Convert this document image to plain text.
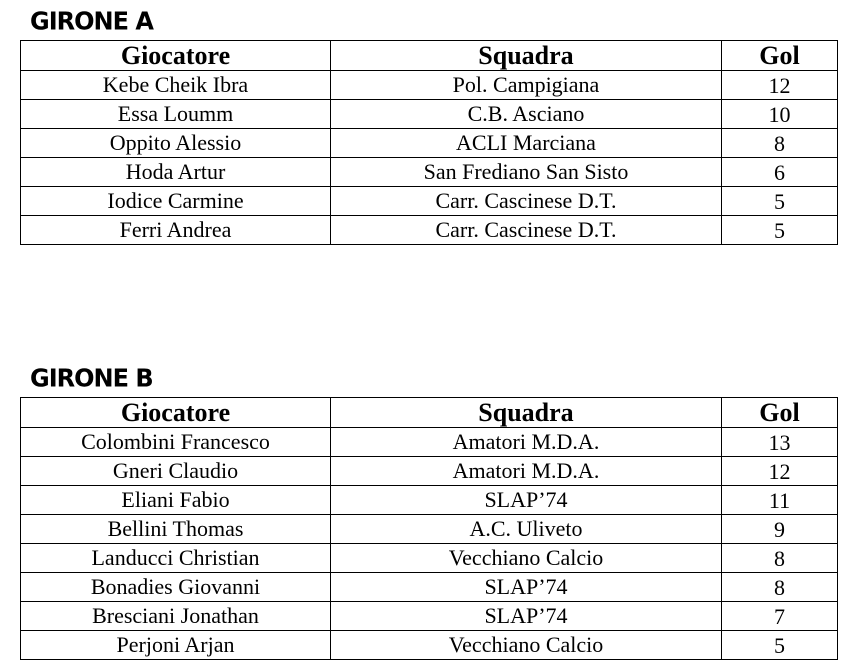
GIRONE A
Giocatore	Squadra	Gol
Kebe Cheik Ibra	Pol. Campigiana	12
Essa Loumm	C.B. Asciano	10
Oppito Alessio	ACLI Marciana	8
Hoda Artur	San Frediano San Sisto	6
Iodice Carmine	Carr. Cascinese D.T.	5
Ferri Andrea	Carr. Cascinese D.T.	5
GIRONE B
Giocatore	Squadra	Gol
Colombini Francesco	Amatori M.D.A.	13
Gneri Claudio	Amatori M.D.A.	12
Eliani Fabio	SLAP’74	11
Bellini Thomas	A.C. Uliveto	9
Landucci Christian	Vecchiano Calcio	8
Bonadies Giovanni	SLAP’74	8
Bresciani Jonathan	SLAP’74	7
Perjoni Arjan	Vecchiano Calcio	5
